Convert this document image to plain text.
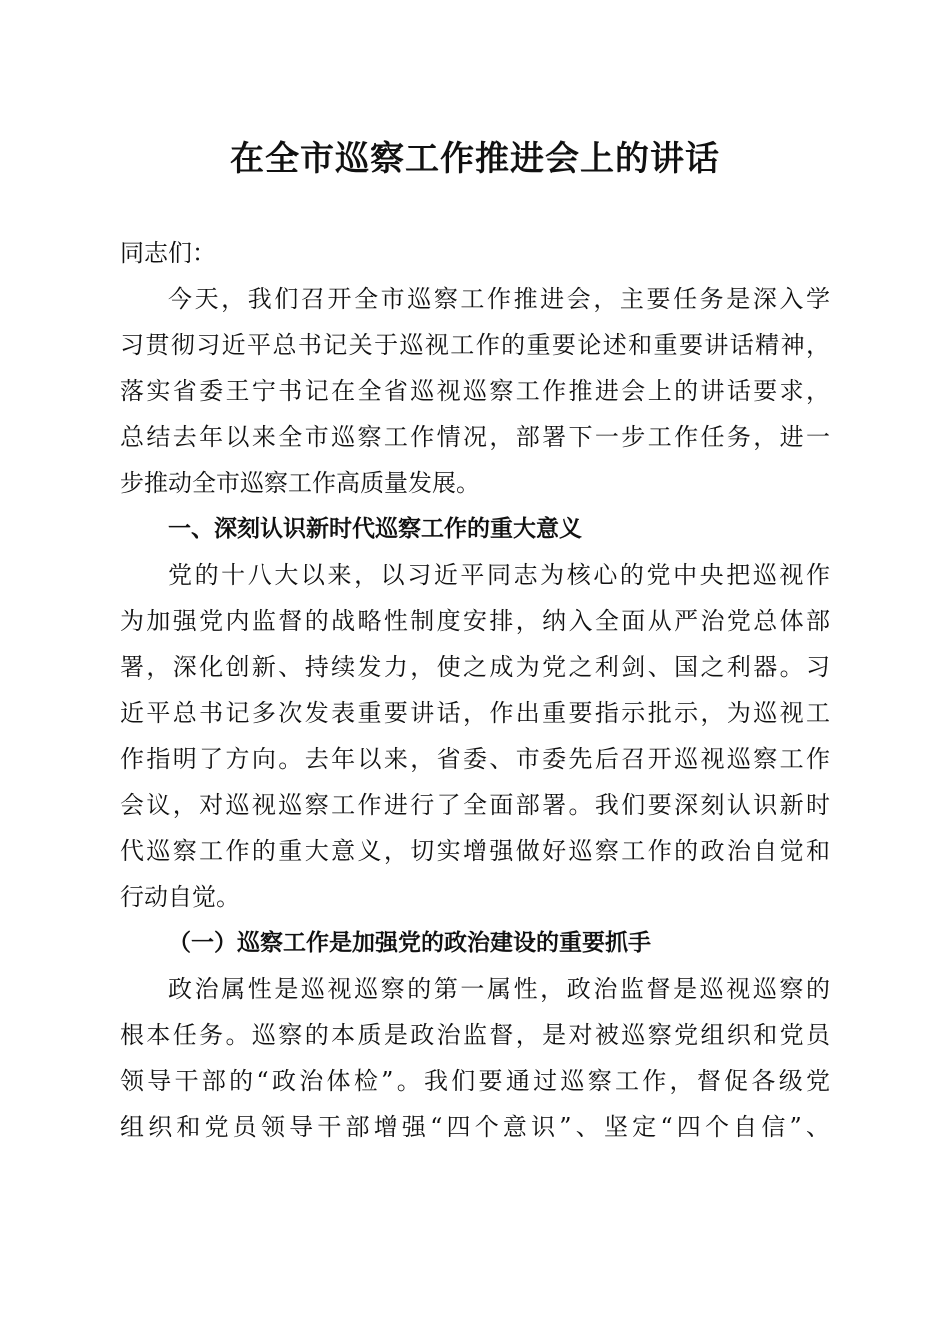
在全市巡察工作推进会上的讲话
同志们：
今天，我们召开全市巡察工作推进会，主要任务是深入学
习贯彻习近平总书记关于巡视工作的重要论述和重要讲话精神，
落实省委王宁书记在全省巡视巡察工作推进会上的讲话要求，
总结去年以来全市巡察工作情况，部署下一步工作任务，进一
步推动全市巡察工作高质量发展。
一、深刻认识新时代巡察工作的重大意义
党的十八大以来，以习近平同志为核心的党中央把巡视作
为加强党内监督的战略性制度安排，纳入全面从严治党总体部
署，深化创新、持续发力，使之成为党之利剑、国之利器。习
近平总书记多次发表重要讲话，作出重要指示批示，为巡视工
作指明了方向。去年以来，省委、市委先后召开巡视巡察工作
会议，对巡视巡察工作进行了全面部署。我们要深刻认识新时
代巡察工作的重大意义，切实增强做好巡察工作的政治自觉和
行动自觉。
（一）巡察工作是加强党的政治建设的重要抓手
政治属性是巡视巡察的第一属性，政治监督是巡视巡察的
根本任务。巡察的本质是政治监督，是对被巡察党组织和党员
领导干部的“政治体检”。我们要通过巡察工作，督促各级党
组织和党员领导干部增强“四个意识”、坚定“四个自信”、
